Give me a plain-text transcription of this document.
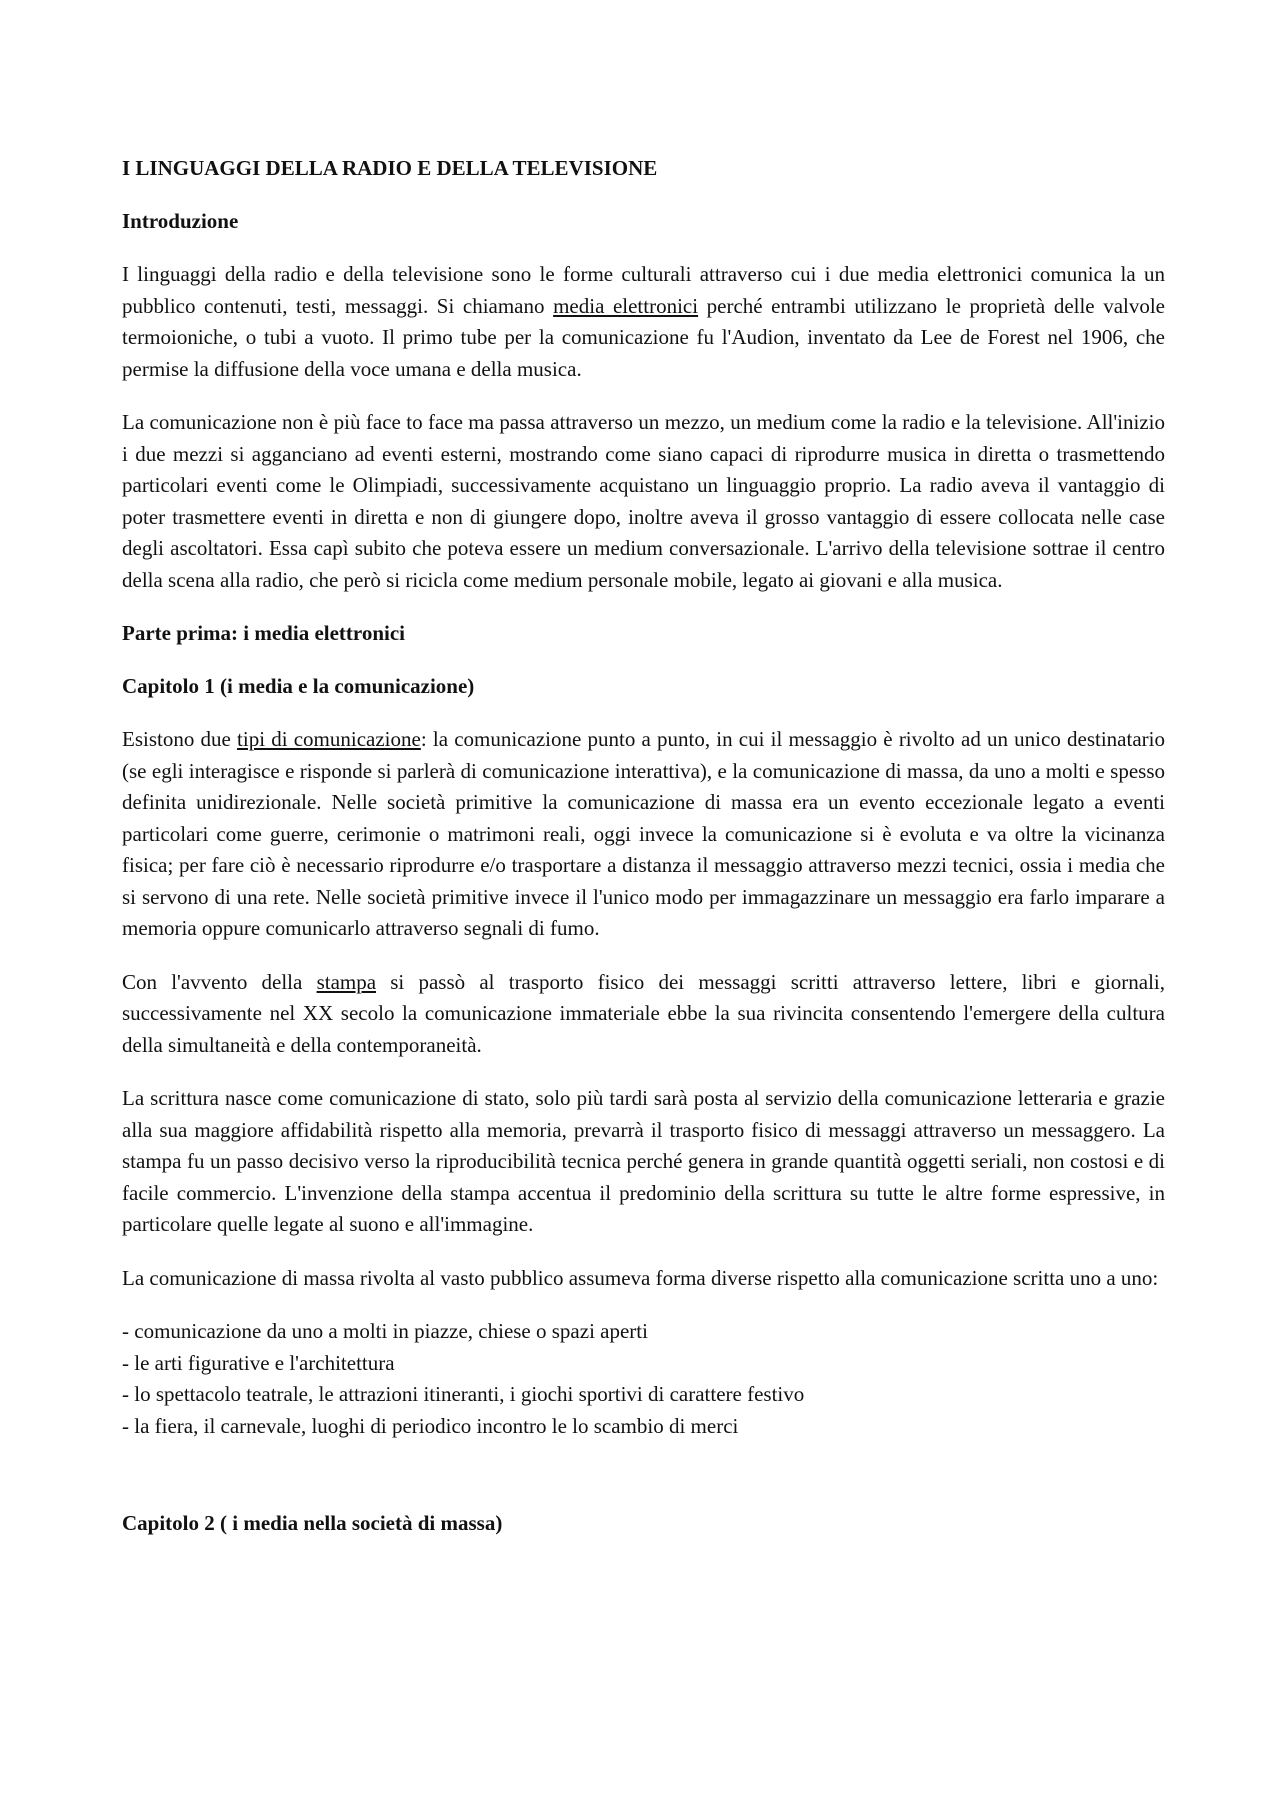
I LINGUAGGI DELLA RADIO E DELLA TELEVISIONE
Introduzione

I linguaggi della radio e della televisione sono le forme culturali attraverso cui i due media elettronici comunica la un pubblico contenuti, testi, messaggi. Si chiamano media elettronici perché entrambi utilizzano le proprietà delle valvole termoioniche, o tubi a vuoto. Il primo tube per la comunicazione fu l'Audion, inventato da Lee de Forest nel 1906, che permise la diffusione della voce umana e della musica.

La comunicazione non è più face to face ma passa attraverso un mezzo, un medium come la radio e la televisione. All'inizio i due mezzi si agganciano ad eventi esterni, mostrando come siano capaci di riprodurre musica in diretta o trasmettendo particolari eventi come le Olimpiadi, successivamente acquistano un linguaggio proprio. La radio aveva il vantaggio di poter trasmettere eventi in diretta e non di giungere dopo, inoltre aveva il grosso vantaggio di essere collocata nelle case degli ascoltatori. Essa capì subito che poteva essere un medium conversazionale. L'arrivo della televisione sottrae il centro della scena alla radio, che però si ricicla come medium personale mobile, legato ai giovani e alla musica.

Parte prima: i media elettronici
Capitolo 1 (i media e la comunicazione)

Esistono due tipi di comunicazione: la comunicazione punto a punto, in cui il messaggio è rivolto ad un unico destinatario (se egli interagisce e risponde si parlerà di comunicazione interattiva), e la comunicazione di massa, da uno a molti e spesso definita unidirezionale. Nelle società primitive la comunicazione di massa era un evento eccezionale legato a eventi particolari come guerre, cerimonie o matrimoni reali, oggi invece la comunicazione si è evoluta e va oltre la vicinanza fisica; per fare ciò è necessario riprodurre e/o trasportare a distanza il messaggio attraverso mezzi tecnici, ossia i media che si servono di una rete. Nelle società primitive invece il l'unico modo per immagazzinare un messaggio era farlo imparare a memoria oppure comunicarlo attraverso segnali di fumo.

Con l'avvento della stampa si passò al trasporto fisico dei messaggi scritti attraverso lettere, libri e giornali, successivamente nel XX secolo la comunicazione immateriale ebbe la sua rivincita consentendo l'emergere della cultura della simultaneità e della contemporaneità.

La scrittura nasce come comunicazione di stato, solo più tardi sarà posta al servizio della comunicazione letteraria e grazie alla sua maggiore affidabilità rispetto alla memoria, prevarrà il trasporto fisico di messaggi attraverso un messaggero. La stampa fu un passo decisivo verso la riproducibilità tecnica perché genera in grande quantità oggetti seriali, non costosi e di facile commercio. L'invenzione della stampa accentua il predominio della scrittura su tutte le altre forme espressive, in particolare quelle legate al suono e all'immagine.

La comunicazione di massa rivolta al vasto pubblico assumeva forma diverse rispetto alla comunicazione scritta uno a uno:

- comunicazione da uno a molti in piazze, chiese o spazi aperti
- le arti figurative e l'architettura
- lo spettacolo teatrale, le attrazioni itineranti, i giochi sportivi di carattere festivo
- la fiera, il carnevale, luoghi di periodico incontro le lo scambio di merci
Capitolo 2 ( i media nella società di massa)
